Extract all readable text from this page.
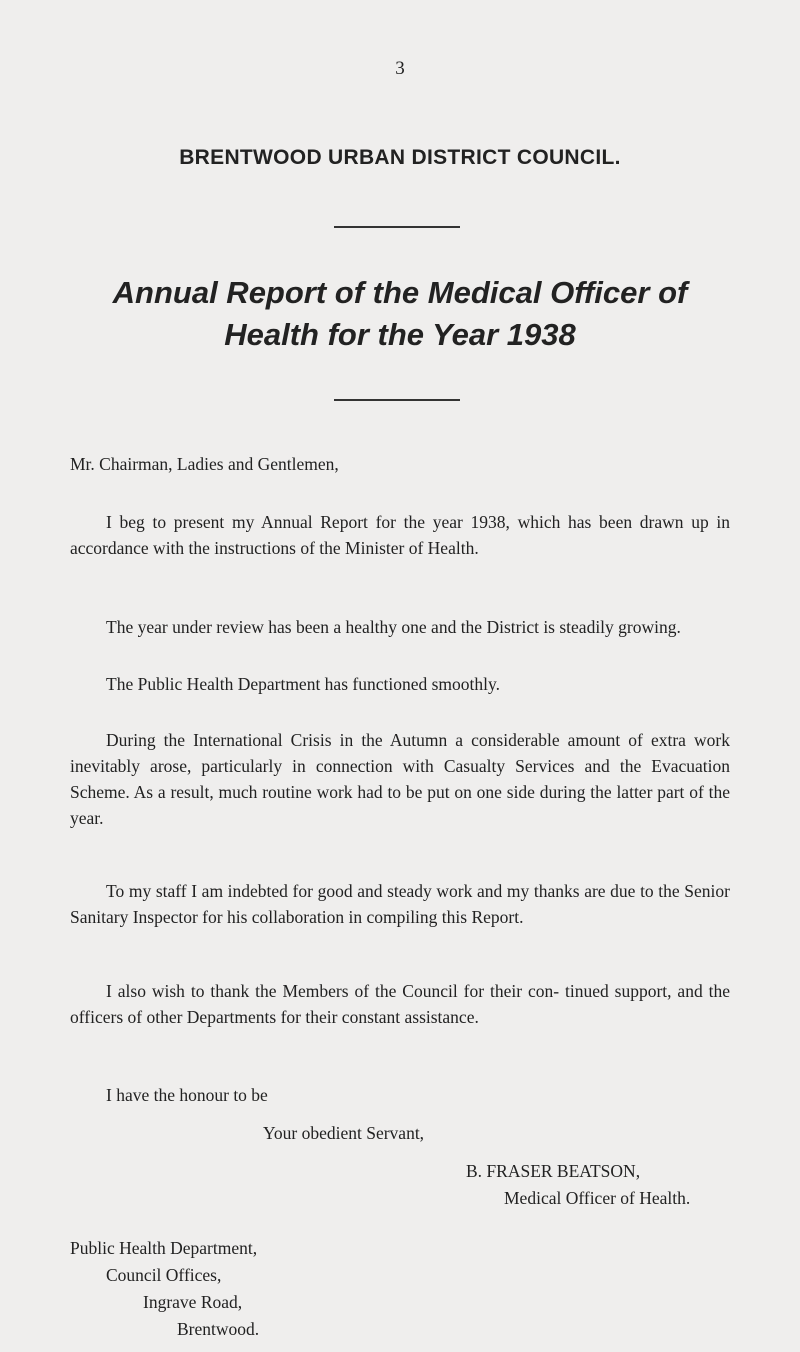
3
BRENTWOOD URBAN DISTRICT COUNCIL.
Annual Report of the Medical Officer of
Health for the Year 1938

Mr. Chairman, Ladies and Gentlemen,

I beg to present my Annual Report for the year 1938, which has been drawn up in accordance with the instructions of the Minister of Health.

The year under review has been a healthy one and the District is steadily growing.

The Public Health Department has functioned smoothly.

During the International Crisis in the Autumn a considerable amount of extra work inevitably arose, particularly in connection with Casualty Services and the Evacuation Scheme. As a result, much routine work had to be put on one side during the latter part of the year.

To my staff I am indebted for good and steady work and my thanks are due to the Senior Sanitary Inspector for his collaboration in compiling this Report.

I also wish to thank the Members of the Council for their con- tinued support, and the officers of other Departments for their constant assistance.

I have the honour to be
Your obedient Servant,
B. FRASER BEATSON,
Medical Officer of Health.
Public Health Department,
Council Offices,
Ingrave Road,
Brentwood.
